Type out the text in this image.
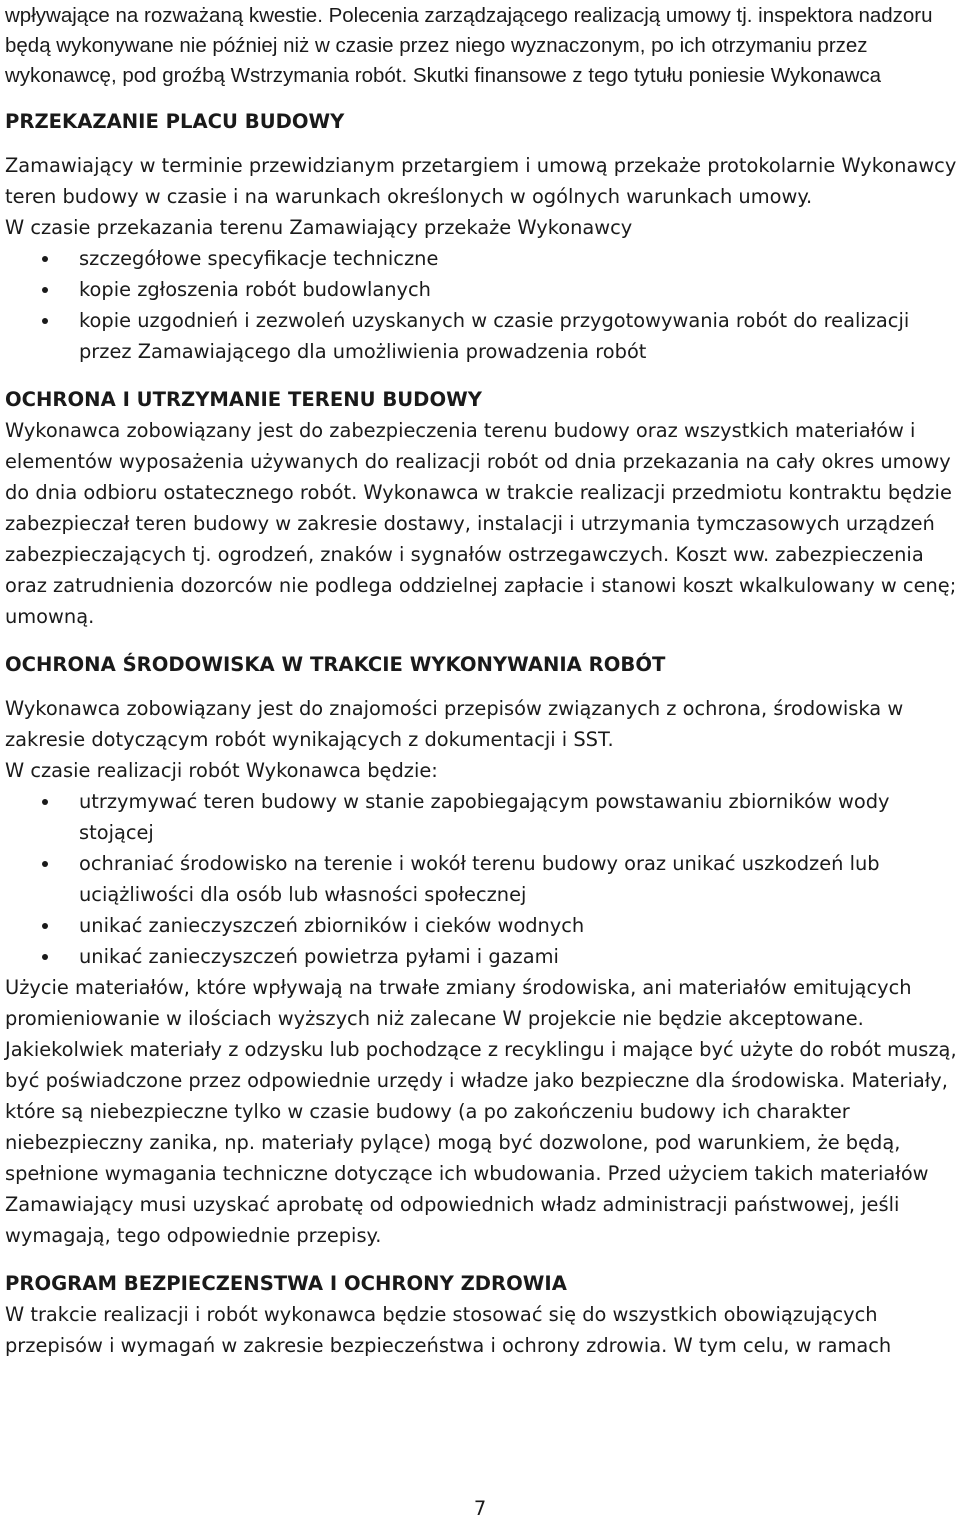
wpływające na rozważaną kwestie. Polecenia zarządzającego realizacją umowy tj. inspektora nadzoru będą wykonywane nie później niż w czasie przez niego wyznaczonym, po ich otrzymaniu przez wykonawcę, pod groźbą Wstrzymania robót. Skutki finansowe z tego tytułu poniesie Wykonawca

PRZEKAZANIE PLACU BUDOWY

Zamawiający w terminie przewidzianym przetargiem i umową przekaże protokolarnie Wykonawcy teren budowy w czasie i na warunkach określonych w ogólnych warunkach umowy.

W czasie przekazania terenu Zamawiający przekaże Wykonawcy

szczegółowe specyfikacje techniczne
kopie zgłoszenia robót budowlanych
kopie uzgodnień i zezwoleń uzyskanych w czasie przygotowywania robót do realizacji przez Zamawiającego dla umożliwienia prowadzenia robót
OCHRONA I UTRZYMANIE TERENU BUDOWY

Wykonawca zobowiązany jest do zabezpieczenia terenu budowy oraz wszystkich materiałów i elementów wyposażenia używanych do realizacji robót od dnia przekazania na cały okres umowy do dnia odbioru ostatecznego robót. Wykonawca w trakcie realizacji przedmiotu kontraktu będzie zabezpieczał teren budowy w zakresie dostawy, instalacji i utrzymania tymczasowych urządzeń zabezpieczających tj. ogrodzeń, znaków i sygnałów ostrzegawczych. Koszt ww. zabezpieczenia oraz zatrudnienia dozorców nie podlega oddzielnej zapłacie i stanowi koszt wkalkulowany w cenę; umowną.

OCHRONA ŚRODOWISKA W TRAKCIE WYKONYWANIA ROBÓT

Wykonawca zobowiązany jest do znajomości przepisów związanych z ochrona, środowiska w zakresie dotyczącym robót wynikających z dokumentacji i SST.

W czasie realizacji robót Wykonawca będzie:

utrzymywać teren budowy w stanie zapobiegającym powstawaniu zbiorników wody stojącej
ochraniać środowisko na terenie i wokół terenu budowy oraz unikać uszkodzeń lub uciążliwości dla osób lub własności społecznej
unikać zanieczyszczeń zbiorników i cieków wodnych
unikać zanieczyszczeń powietrza pyłami i gazami

Użycie materiałów, które wpływają na trwałe zmiany środowiska, ani materiałów emitujących promieniowanie w ilościach wyższych niż zalecane W projekcie nie będzie akceptowane. Jakiekolwiek materiały z odzysku lub pochodzące z recyklingu i mające być użyte do robót muszą, być poświadczone przez odpowiednie urzędy i władze jako bezpieczne dla środowiska. Materiały, które są niebezpieczne tylko w czasie budowy (a po zakończeniu budowy ich charakter niebezpieczny zanika, np. materiały pylące) mogą być dozwolone, pod warunkiem, że będą, spełnione wymagania techniczne dotyczące ich wbudowania. Przed użyciem takich materiałów Zamawiający musi uzyskać aprobatę od odpowiednich władz administracji państwowej, jeśli wymagają, tego odpowiednie przepisy.

PROGRAM BEZPIECZENSTWA I OCHRONY ZDROWIA

W trakcie realizacji i robót wykonawca będzie stosować się do wszystkich obowiązujących przepisów i wymagań w zakresie bezpieczeństwa i ochrony zdrowia. W tym celu, w ramach

7
